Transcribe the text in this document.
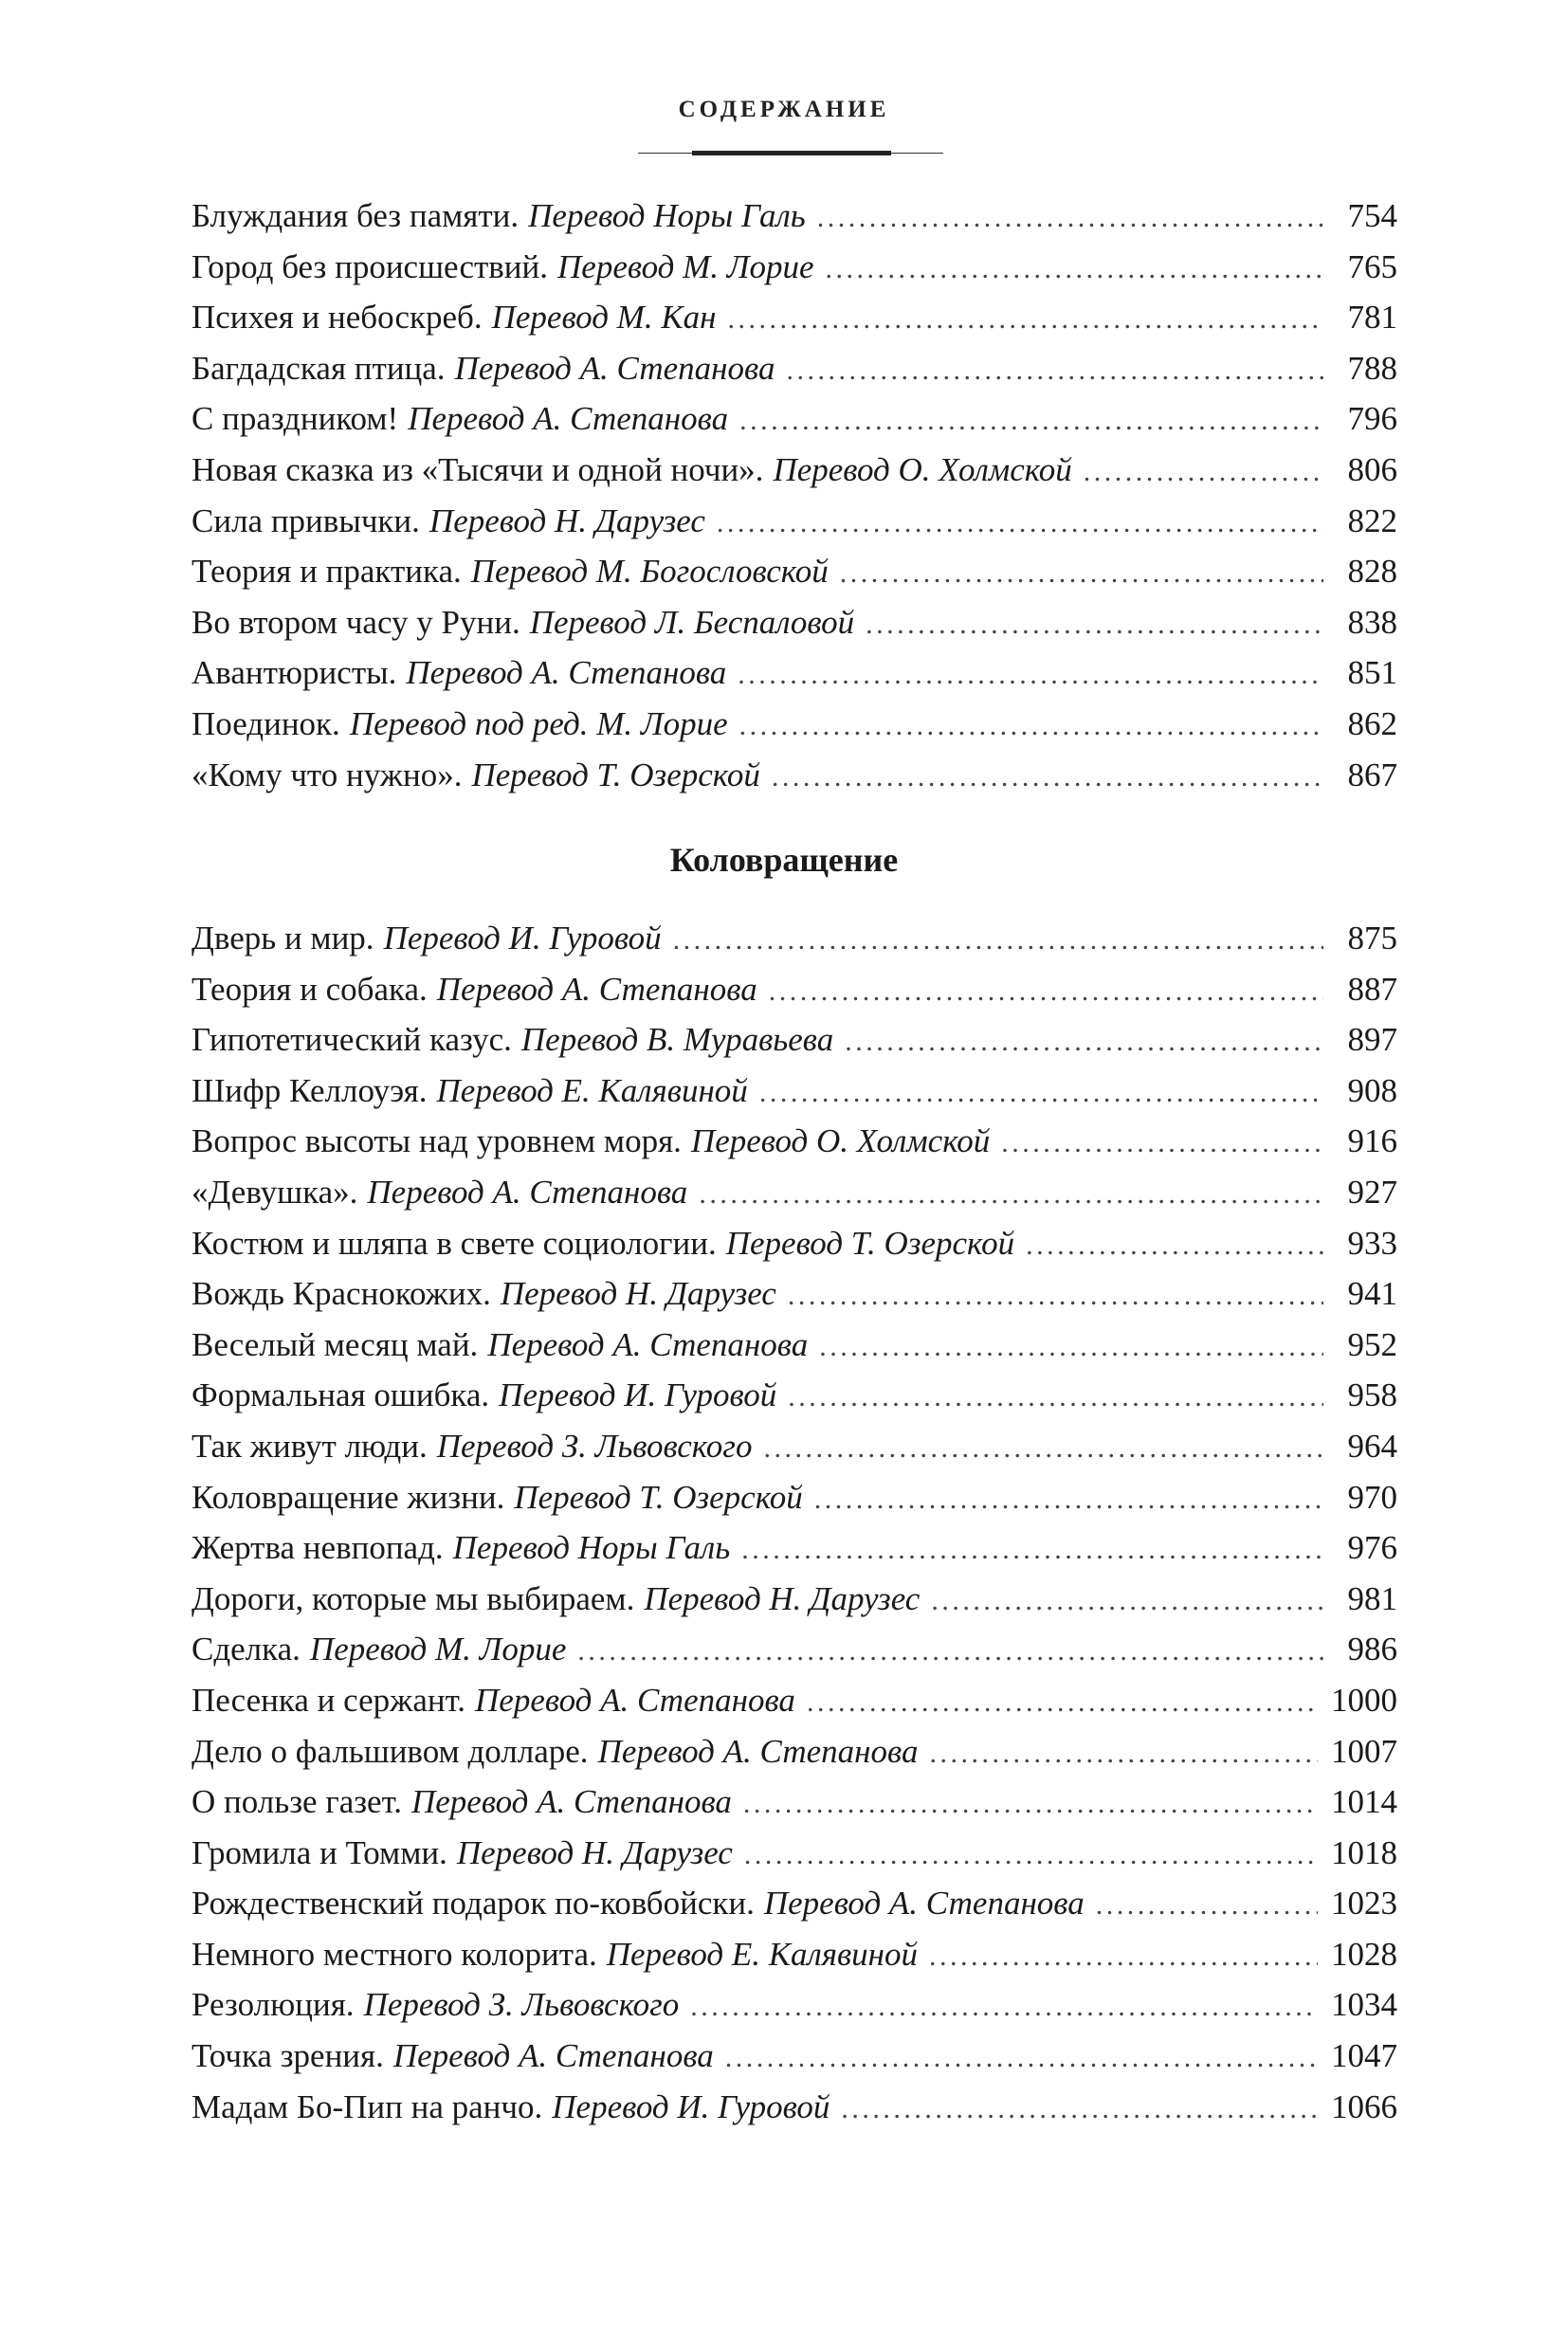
СОДЕРЖАНИЕ
Блуждания без памяти. Перевод Норы Галь . . .	754
Город без происшествий. Перевод М. Лорие . . .	765
Психея и небоскреб. Перевод М. Кан . . .	781
Багдадская птица. Перевод А. Степанова . . .	788
С праздником! Перевод А. Степанова . . .	796
Новая сказка из «Тысячи и одной ночи». Перевод О. Холмской . . .	806
Сила привычки. Перевод Н. Дарузес . . .	822
Теория и практика. Перевод М. Богословской . . .	828
Во втором часу у Руни. Перевод Л. Беспаловой . . .	838
Авантюристы. Перевод А. Степанова . . .	851
Поединок. Перевод под ред. М. Лорие . . .	862
«Кому что нужно». Перевод Т. Озерской . . .	867
Коловращение
Дверь и мир. Перевод И. Гуровой . . .	875
Теория и собака. Перевод А. Степанова . . .	887
Гипотетический казус. Перевод В. Муравьева . . .	897
Шифр Келлоуэя. Перевод Е. Калявиной . . .	908
Вопрос высоты над уровнем моря. Перевод О. Холмской . . .	916
«Девушка». Перевод А. Степанова . . .	927
Костюм и шляпа в свете социологии. Перевод Т. Озерской . . .	933
Вождь Краснокожих. Перевод Н. Дарузес . . .	941
Веселый месяц май. Перевод А. Степанова . . .	952
Формальная ошибка. Перевод И. Гуровой . . .	958
Так живут люди. Перевод З. Львовского . . .	964
Коловращение жизни. Перевод Т. Озерской . . .	970
Жертва невпопад. Перевод Норы Галь . . .	976
Дороги, которые мы выбираем. Перевод Н. Дарузес . . .	981
Сделка. Перевод М. Лорие . . .	986
Песенка и сержант. Перевод А. Степанова . . .	1000
Дело о фальшивом долларе. Перевод А. Степанова . . .	1007
О пользе газет. Перевод А. Степанова . . .	1014
Громила и Томми. Перевод Н. Дарузес . . .	1018
Рождественский подарок по-ковбойски. Перевод А. Степанова . . .	1023
Немного местного колорита. Перевод Е. Калявиной . . .	1028
Резолюция. Перевод З. Львовского . . .	1034
Точка зрения. Перевод А. Степанова . . .	1047
Мадам Бо-Пип на ранчо. Перевод И. Гуровой . . .	1066
